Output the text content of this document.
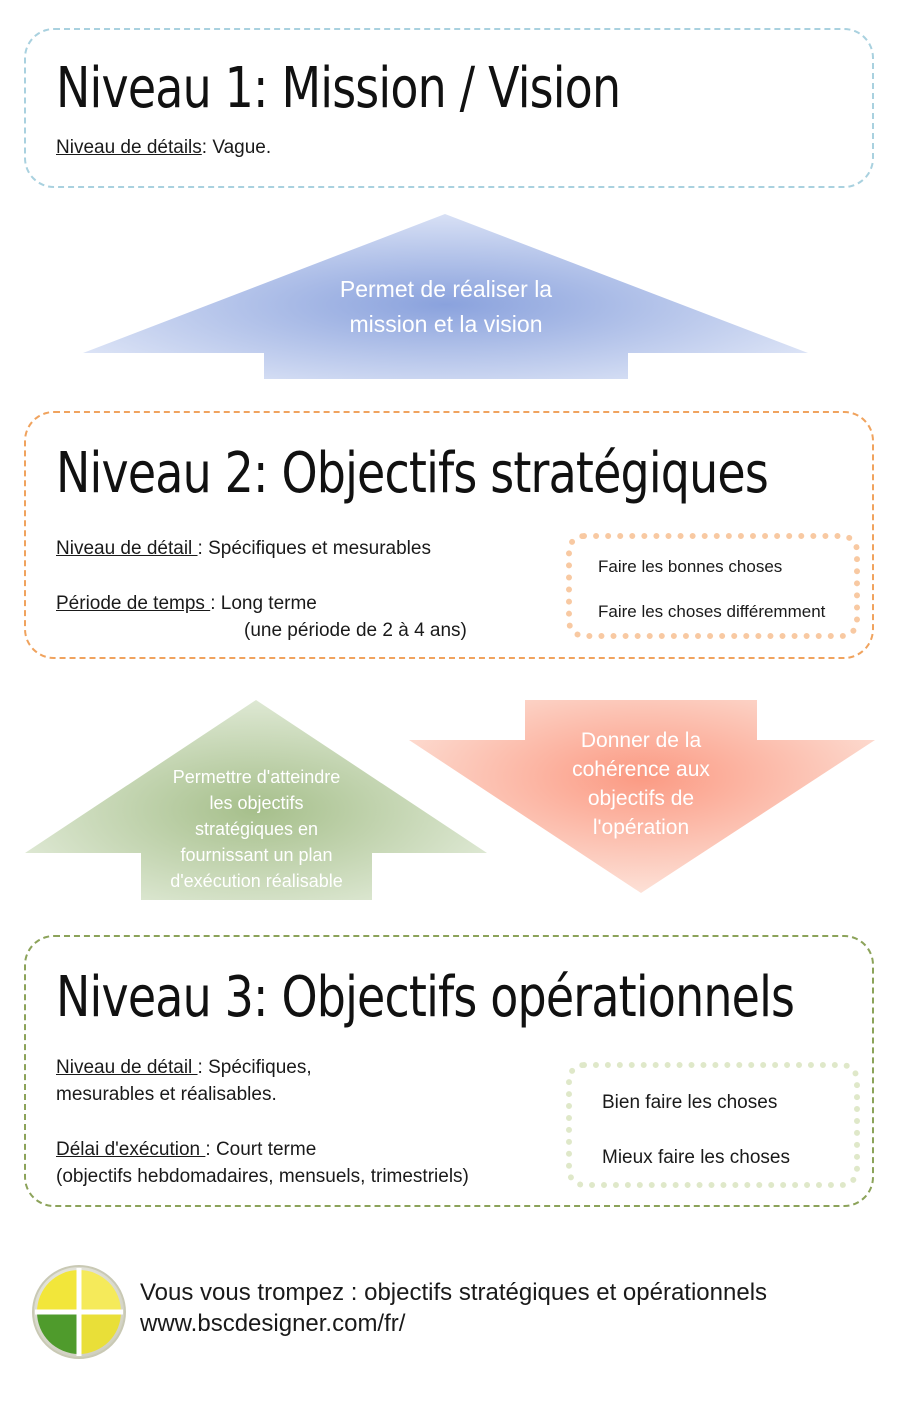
Niveau 1: Mission / Vision
Niveau de détails: Vague.
Permet de réaliser la
mission et la vision
Niveau 2: Objectifs stratégiques
Niveau de détail : Spécifiques et mesurables
Période de temps : Long terme
(une période de 2 à 4 ans)
Faire les bonnes choses
Faire les choses différemment
Permettre d'atteindre
les objectifs
stratégiques en
fournissant un plan
d'exécution réalisable
Donner de la
cohérence aux
objectifs de
l'opération
Niveau 3: Objectifs opérationnels
Niveau de détail : Spécifiques,
mesurables et réalisables.
Délai d'exécution : Court terme
(objectifs hebdomadaires, mensuels, trimestriels)
Bien faire les choses
Mieux faire les choses
Vous vous trompez : objectifs stratégiques et opérationnels
www.bscdesigner.com/fr/
